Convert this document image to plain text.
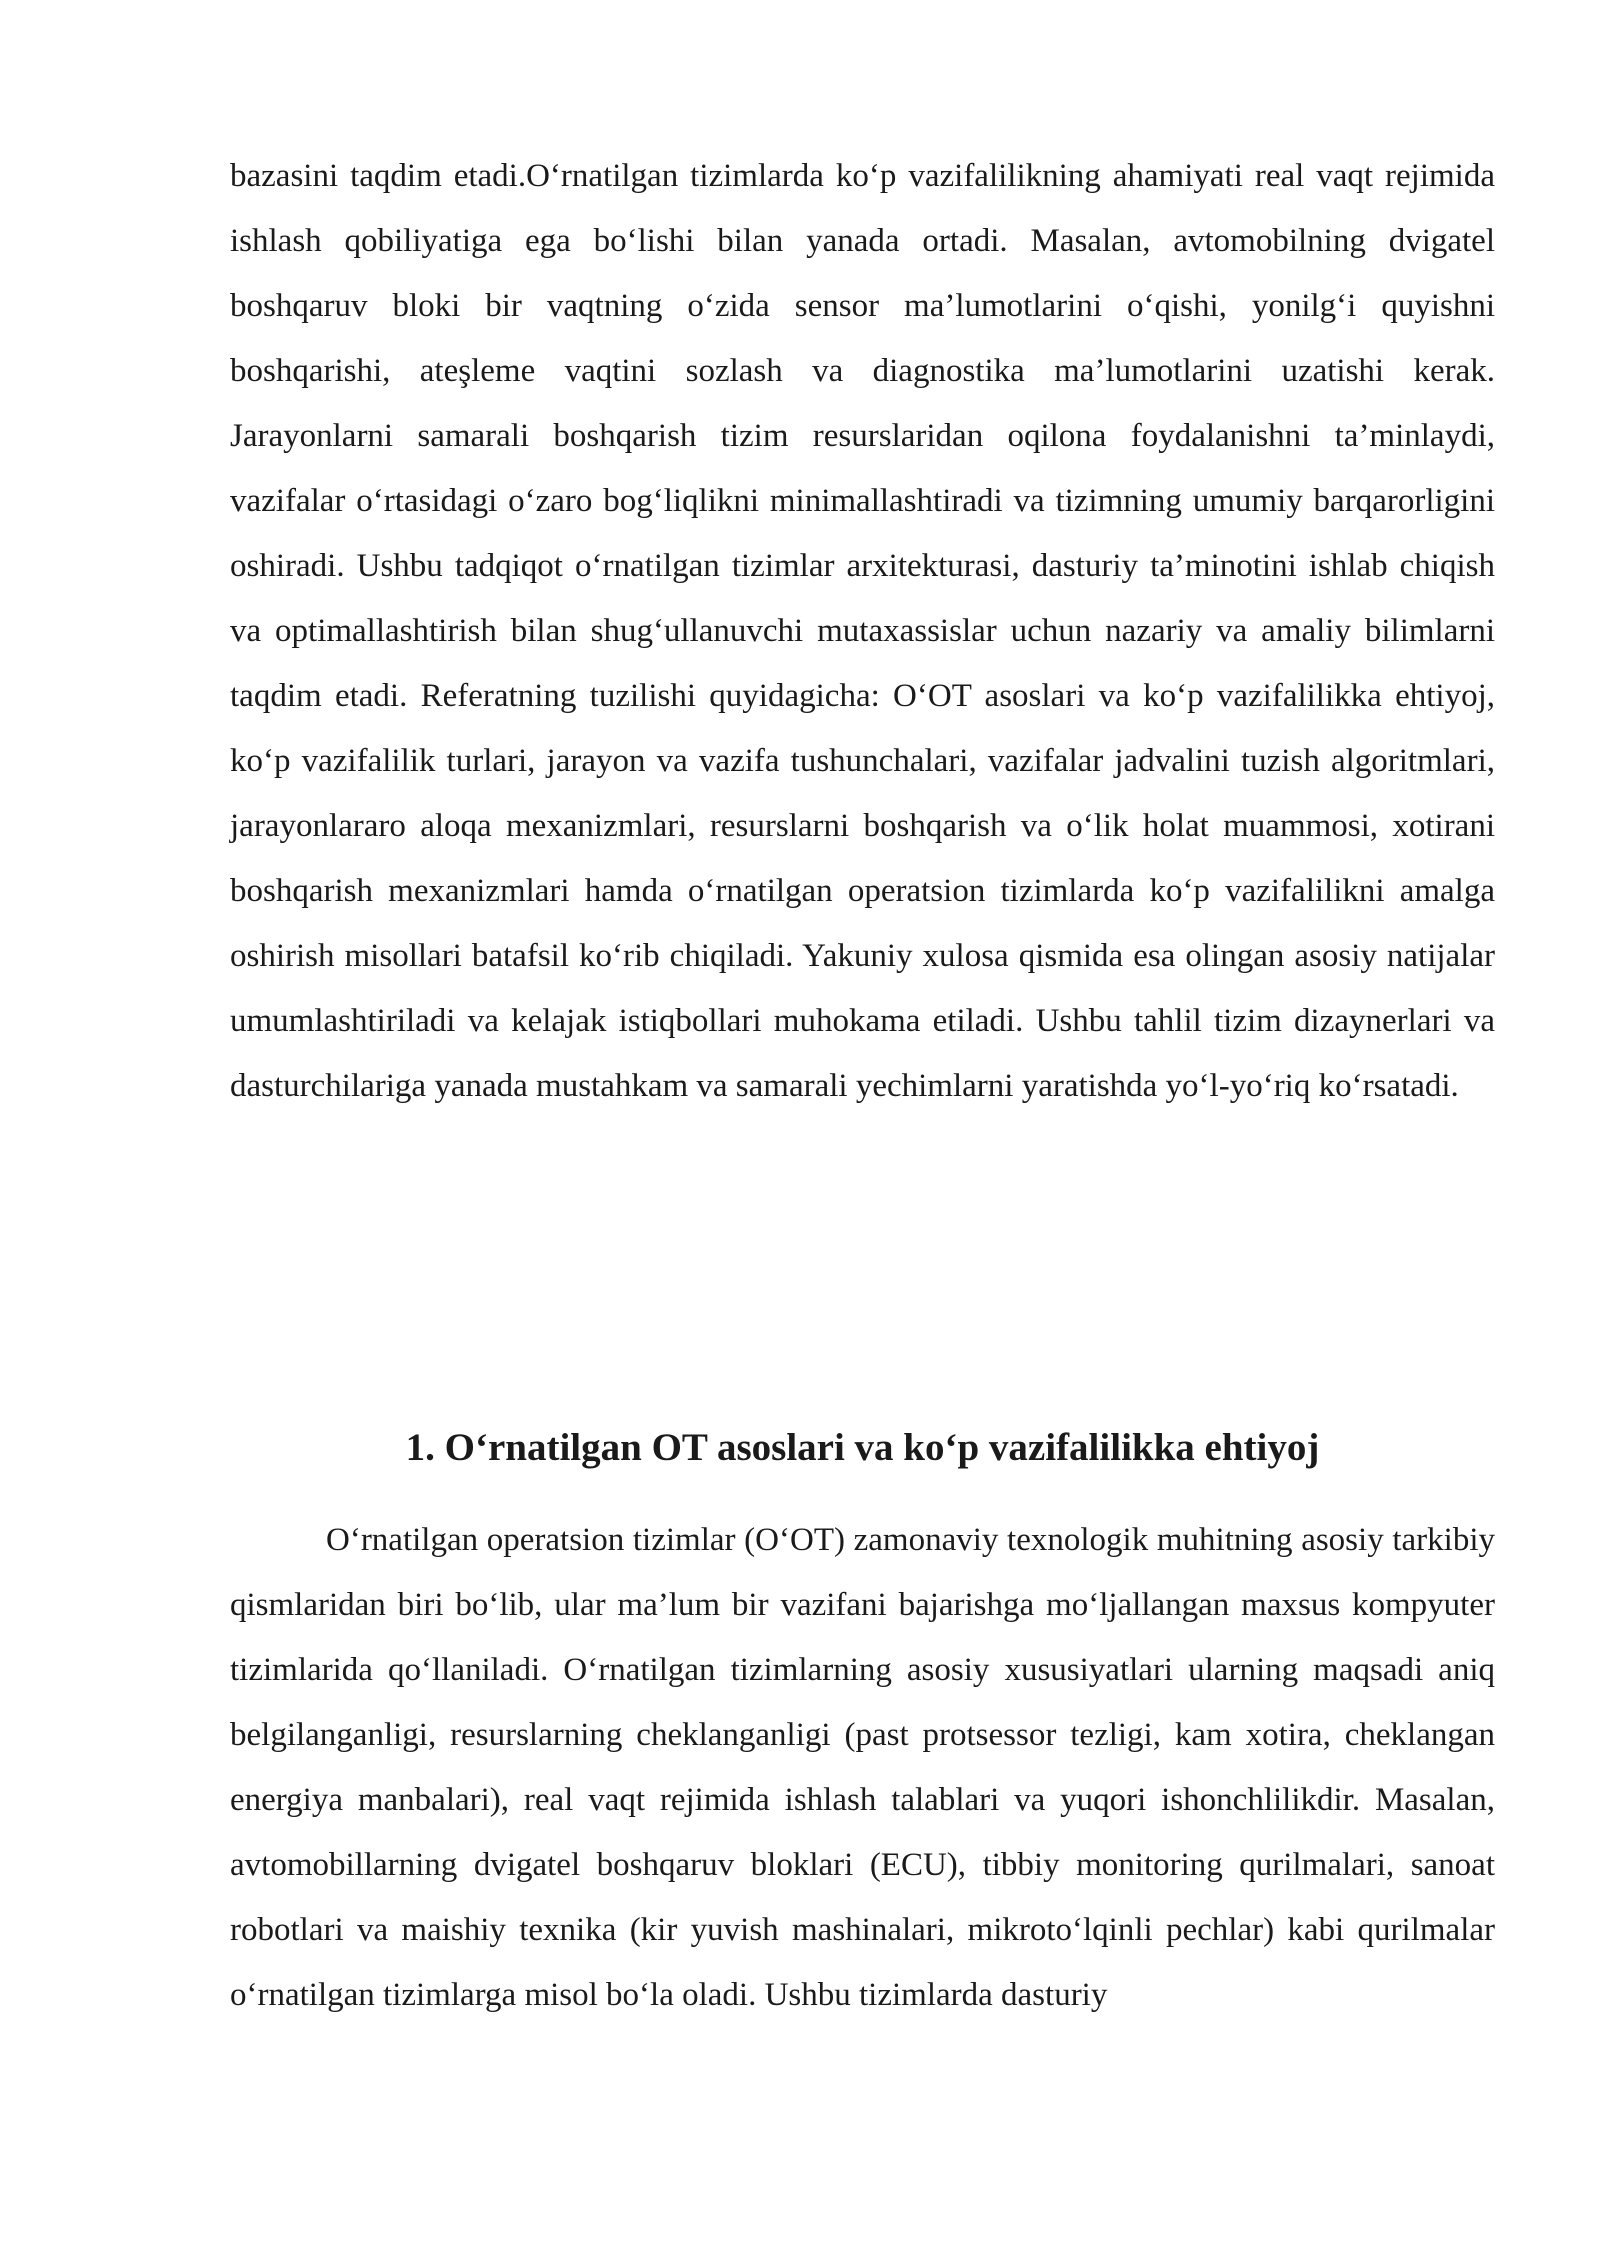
bazasini taqdim etadi.O‘rnatilgan tizimlarda ko‘p vazifalilikning ahamiyati real vaqt rejimida ishlash qobiliyatiga ega bo‘lishi bilan yanada ortadi. Masalan, avtomobilning dvigatel boshqaruv bloki bir vaqtning o‘zida sensor ma’lumotlarini o‘qishi, yonilg‘i quyishni boshqarishi, ateşleme vaqtini sozlash va diagnostika ma’lumotlarini uzatishi kerak. Jarayonlarni samarali boshqarish tizim resurslaridan oqilona foydalanishni ta’minlaydi, vazifalar o‘rtasidagi o‘zaro bog‘liqlikni minimallashtiradi va tizimning umumiy barqarorligini oshiradi. Ushbu tadqiqot o‘rnatilgan tizimlar arxitekturasi, dasturiy ta’minotini ishlab chiqish va optimallashtirish bilan shug‘ullanuvchi mutaxassislar uchun nazariy va amaliy bilimlarni taqdim etadi. Referatning tuzilishi quyidagicha: O‘OT asoslari va ko‘p vazifalilikka ehtiyoj, ko‘p vazifalilik turlari, jarayon va vazifa tushunchalari, vazifalar jadvalini tuzish algoritmlari, jarayonlararo aloqa mexanizmlari, resurslarni boshqarish va o‘lik holat muammosi, xotirani boshqarish mexanizmlari hamda o‘rnatilgan operatsion tizimlarda ko‘p vazifalilikni amalga oshirish misollari batafsil ko‘rib chiqiladi. Yakuniy xulosa qismida esa olingan asosiy natijalar umumlashtiriladi va kelajak istiqbollari muhokama etiladi. Ushbu tahlil tizim dizaynerlari va dasturchilariga yanada mustahkam va samarali yechimlarni yaratishda yo‘l-yo‘riq ko‘rsatadi.

1. O‘rnatilgan OT asoslari va ko‘p vazifalilikka ehtiyoj

O‘rnatilgan operatsion tizimlar (O‘OT) zamonaviy texnologik muhitning asosiy tarkibiy qismlaridan biri bo‘lib, ular ma’lum bir vazifani bajarishga mo‘ljallangan maxsus kompyuter tizimlarida qo‘llaniladi. O‘rnatilgan tizimlarning asosiy xususiyatlari ularning maqsadi aniq belgilanganligi, resurslarning cheklanganligi (past protsessor tezligi, kam xotira, cheklangan energiya manbalari), real vaqt rejimida ishlash talablari va yuqori ishonchlilikdir. Masalan, avtomobillarning dvigatel boshqaruv bloklari (ECU), tibbiy monitoring qurilmalari, sanoat robotlari va maishiy texnika (kir yuvish mashinalari, mikroto‘lqinli pechlar) kabi qurilmalar o‘rnatilgan tizimlarga misol bo‘la oladi. Ushbu tizimlarda dasturiy
